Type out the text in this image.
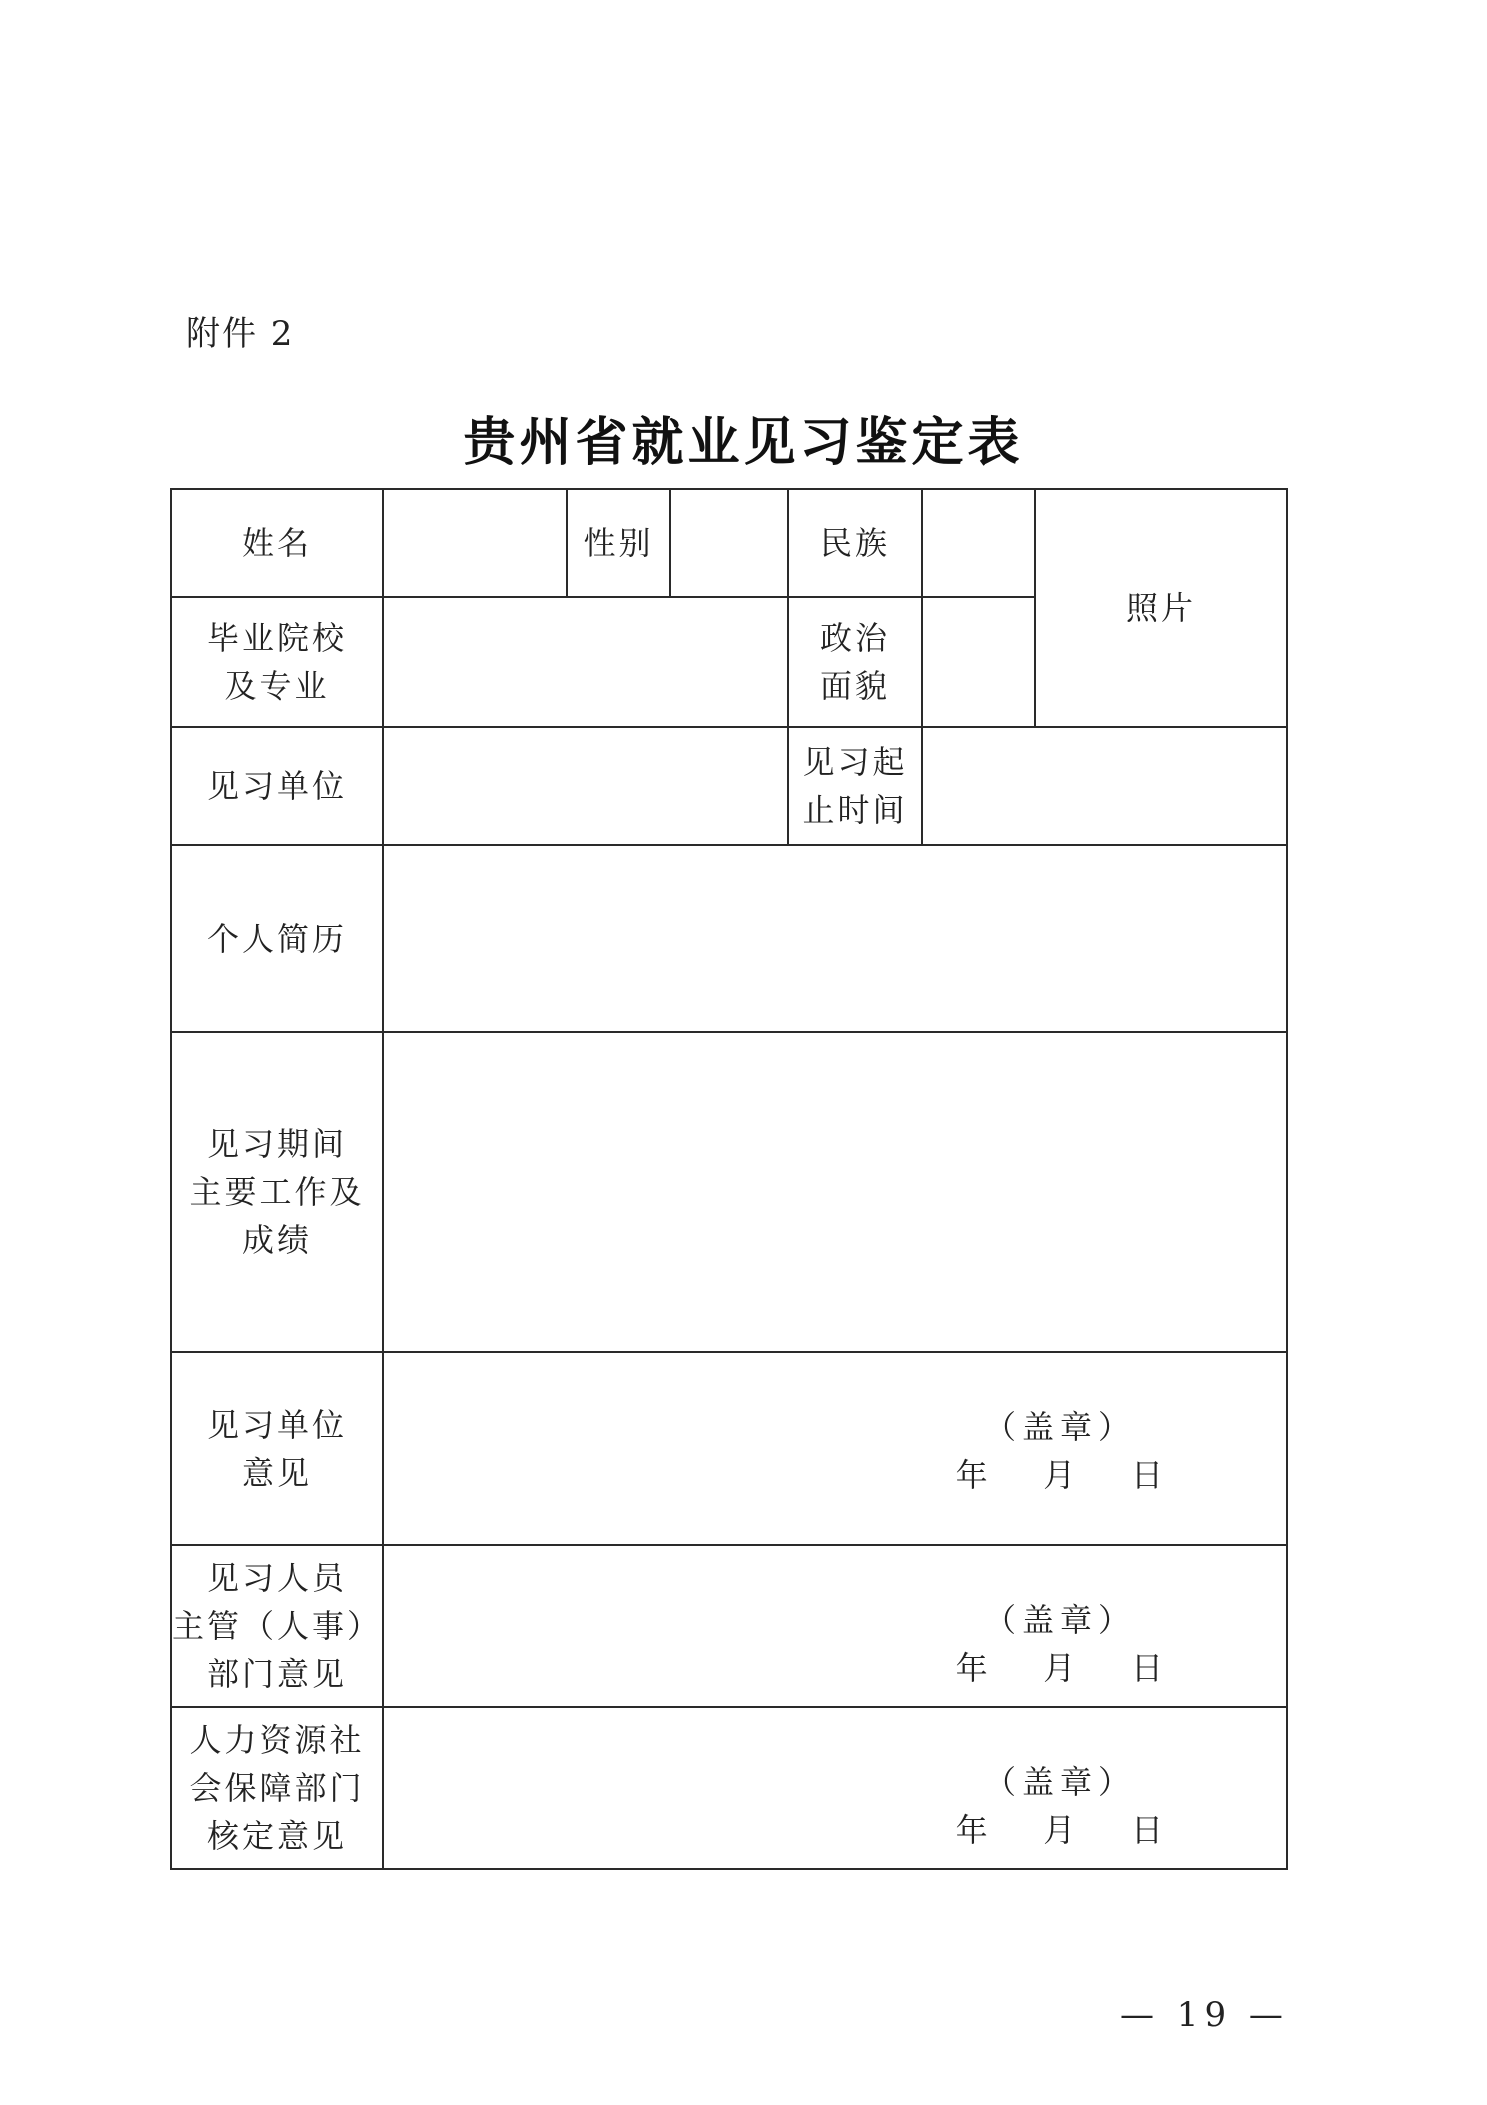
附件 2
贵州省就业见习鉴定表
姓名		性别		民族		照片

毕业院校
及专业				政治
面貌		

见习单位				见习起
止时间		

个人简历						

见习期间
主要工作及
成绩						

见习单位
意见	（盖章）
年    月    日					

见习人员
主管（人事）
部门意见	（盖章）
年    月    日					

人力资源社
会保障部门
核定意见	（盖章）
年    月    日					
— 19 —
